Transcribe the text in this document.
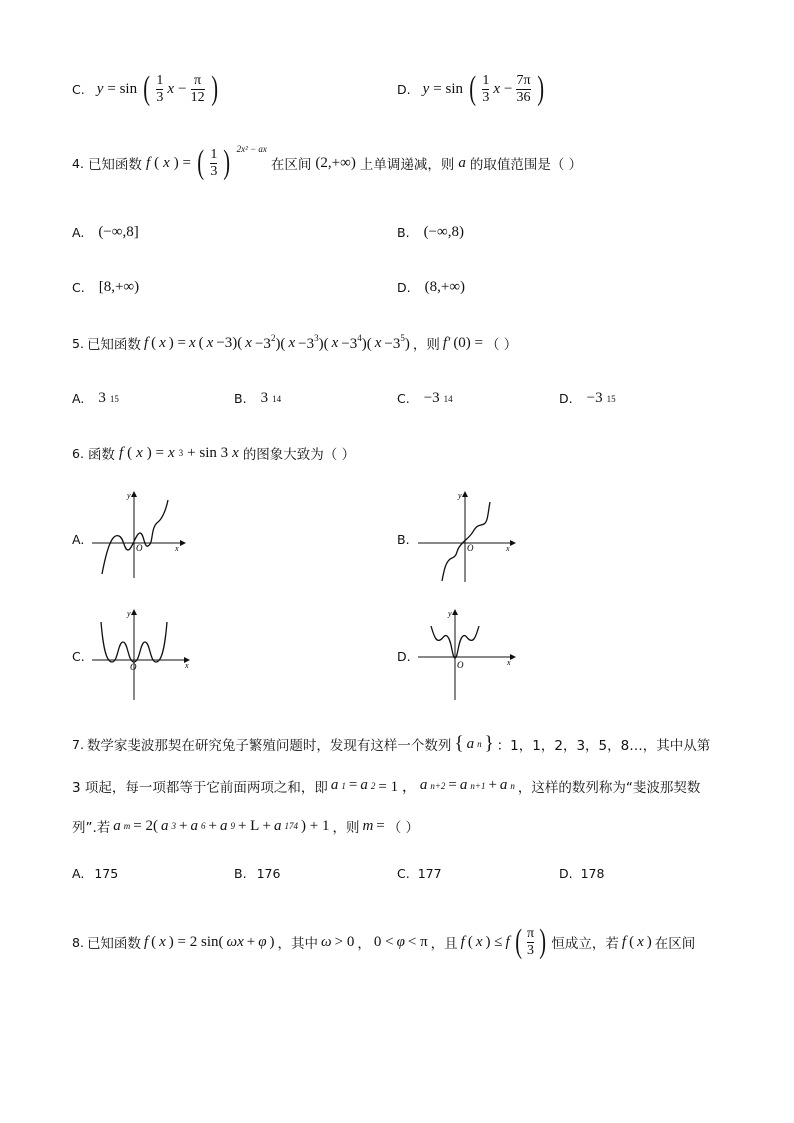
C. y = sin ( $\frac{1}{3}$ $x - \frac{\pi}{12}$ )	D. y = sin ( $\frac{1}{3}$ $x - \frac{7\pi}{36}$ )
4. 已知函数 f ( x ) = ( $\frac{1}{3}$ ) 2x² − ax
在区间 (2,+∞) 上单调递减，则 a 的取值范围是（ ）
A. (−∞,8]	B. (−∞,8)
C. [8,+∞)	D. (8,+∞)
5. 已知函数 f ( x ) = x ( x −3)( $x -3^2$)( $x -3^3$)( $x -3^4$)( $x -3^5$) ，则 f′ (0) = （ ）
A. 3 15	B. 3 14	C. −3 14	D. −3 15
6. 函数 f ( x ) = x 3 + sin 3 x 的图象大致为（ ）
A.
y
O	x
B.
y
O	x
C.
y
O	x
D.
y
O	x
7. 数学家斐波那契在研究兔子繁殖问题时，发现有这样一个数列 { a n } ：1，1，2，3，5，8…，其中从第
3 项起，每一项都等于它前面两项之和，即 a 1 = a 2 = 1 ， a n+2 = a n+1 + a n ，这样的数列称为“斐波那契数
列”.若 a m = 2( a 3 + a 6 + a 9 + L + a 174 ) + 1 ，则 m = （ ）
A. 175	B. 176	C. 177	D. 178
8. 已知函数 f ( x ) = 2 sin( ωx + φ ) ，其中 ω > 0 ， 0 < φ < π ，且 f ( x ) ≤ f ( $\frac{\pi}{3}$ ) 恒成立，若 f ( x ) 在区间
